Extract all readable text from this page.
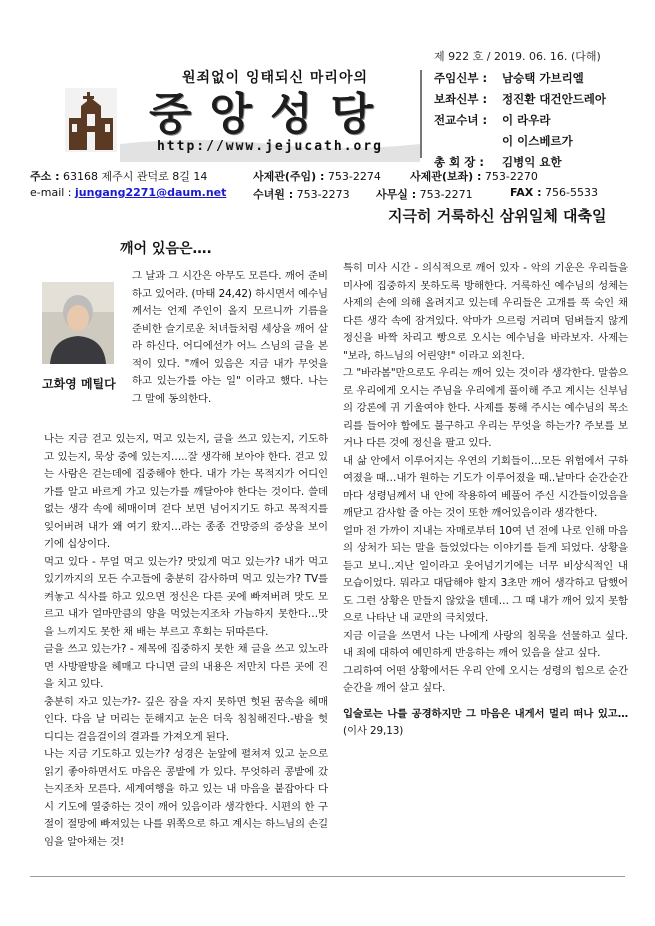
제 922 호 / 2019. 06. 16. (다해)
원죄없이 잉태되신 마리아의
중앙성당
http://www.jejucath.org
주임신부 : 남승택 가브리엘
보좌신부 : 정진환 대건안드레아
전교수녀 : 이 라우라
이 이스베르가
총 회 장 : 김병익 요한
주소 : 63168 제주시 관덕로 8길 14	사제관(주임) : 753-2274	사제관(보좌) : 753-2270
e-mail : jungang2271@daum.net 수녀원 : 753-2273 사무실 : 753-2271	FAX : 756-5533
지극히 거룩하신 삼위일체 대축일
깨어 있음은….
고화영 메틸다

그 날과 그 시간은 아무도 모른다. 깨어 준비하고 있어라. (마태 24,42) 하시면서 예수님께서는 언제 주인이 올지 모르니까 기름을 준비한 슬기로운 처녀들처럼 세상을 깨어 살라 하신다. 어디에선가 어느 스님의 글을 본 적이 있다. "깨어 있음은 지금 내가 무엇을 하고 있는가를 아는 일" 이라고 했다. 나는 그 말에 동의한다.

나는 지금 걷고 있는지, 먹고 있는지, 글을 쓰고 있는지, 기도하고 있는지, 묵상 중에 있는지…..잘 생각해 보아야 한다. 걷고 있는 사람은 걷는데에 집중해야 한다. 내가 가는 목적지가 어디인가를 알고 바르게 가고 있는가를 깨달아야 한다는 것이다. 쓸데없는 생각 속에 헤매이며 걷다 보면 넘어지기도 하고 목적지를 잊어버려 내가 왜 여기 왔지…라는 종종 건망증의 증상을 보이기에 십상이다.

먹고 있다 - 무얼 먹고 있는가? 맛있게 먹고 있는가? 내가 먹고 있기까지의 모든 수고들에 충분히 감사하며 먹고 있는가? TV를 켜놓고 식사를 하고 있으면 정신은 다른 곳에 빠져버려 맛도 모르고 내가 얼마만큼의 양을 먹었는지조차 가늠하지 못한다…맛을 느끼지도 못한 채 배는 부르고 후회는 뒤따른다.

글을 쓰고 있는가? - 제목에 집중하지 못한 채 글을 쓰고 있노라면 사방팔방을 헤매고 다니면 글의 내용은 저만치 다른 곳에 진을 치고 있다.

충분히 자고 있는가?- 깊은 잠을 자지 못하면 헛된 꿈속을 헤매인다. 다음 날 머리는 둔해지고 눈은 더욱 침침해진다.-밤을 헛디디는 걸음걸이의 결과를 가져오게 된다.

나는 지금 기도하고 있는가? 성경은 눈앞에 펼쳐져 있고 눈으로 읽기 좋아하면서도 마음은 콩밭에 가 있다. 무엇하러 콩밭에 갔는지조차 모른다. 세계여행을 하고 있는 내 마음을 붙잡아다 다시 기도에 열중하는 것이 깨어 있음이라 생각한다. 시편의 한 구절이 절망에 빠져있는 나를 위쪽으로 하고 계시는 하느님의 손길임을 알아채는 것!

특히 미사 시간 - 의식적으로 깨어 있자 - 악의 기운은 우리들을 미사에 집중하지 못하도록 방해한다. 거룩하신 예수님의 성체는 사제의 손에 의해 올려지고 있는데 우리들은 고개를 푹 숙인 채 다른 생각 속에 잠겨있다. 악마가 으르렁 거리며 덤벼들지 않게 정신을 바짝 차리고 빵으로 오시는 예수님을 바라보자. 사제는 "보라, 하느님의 어린양!" 이라고 외친다.

그 "바라봄"만으로도 우리는 깨어 있는 것이라 생각한다. 말씀으로 우리에게 오시는 주님을 우리에게 풀이해 주고 계시는 신부님의 강론에 귀 기울여야 한다. 사제를 통해 주시는 예수님의 목소리를 들어야 함에도 불구하고 우리는 무엇을 하는가? 주보를 보거나 다른 것에 정신을 팔고 있다.

내 삶 안에서 이루어지는 우연의 기회들이…모든 위험에서 구하여졌을 때…내가 원하는 기도가 이루어졌을 때..낱마다 순간순간마다 성령님께서 내 안에 작용하여 베풀어 주신 시간들이었음을 깨닫고 감사할 줄 아는 것이 또한 깨어있음이라 생각한다.

얼마 전 가까이 지내는 자매로부터 10여 년 전에 나로 인해 마음의 상처가 되는 말을 들었었다는 이야기를 듣게 되었다. 상황을 듣고 보니..지난 일이라고 웃어넘기기에는 너무 비상식적인 내 모습이었다. 뭐라고 대답해야 할지 3초만 깨어 생각하고 답했어도 그런 상황은 만들지 않았을 텐데… 그 때 내가 깨어 있지 못함으로 나타난 내 교만의 극치였다.

지금 이글을 쓰면서 나는 나에게 사랑의 침묵을 선물하고 싶다. 내 죄에 대하여 예민하게 반응하는 깨어 있음을 살고 싶다.

그리하여 어떤 상황에서든 우리 안에 오시는 성령의 힘으로 순간순간을 깨어 살고 싶다.

입술로는 나를 공경하지만 그 마음은 내게서 멀리 떠나 있고… (이사 29,13)
